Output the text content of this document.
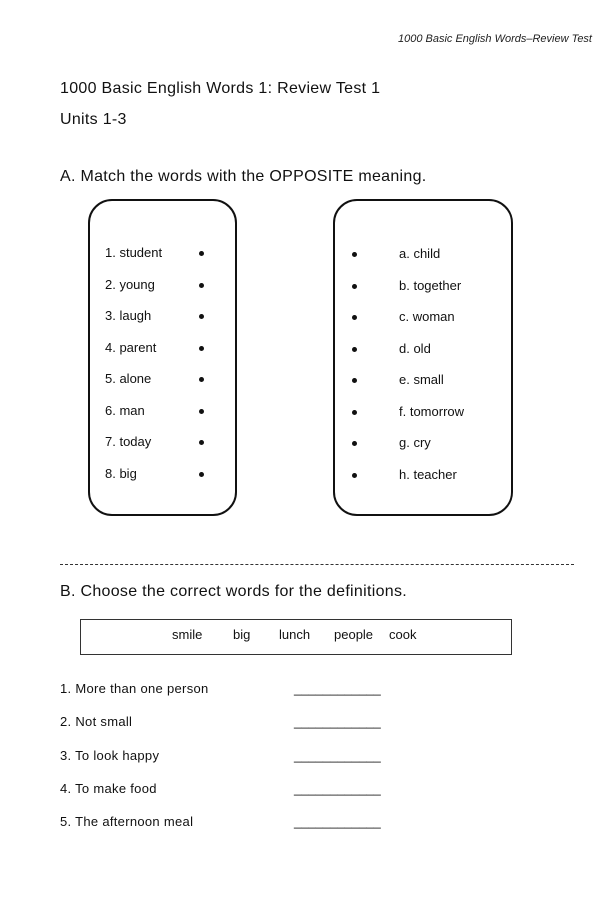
1000 Basic English Words–Review Test
1000 Basic English Words 1: Review Test 1
Units 1-3
A. Match the words with the OPPOSITE meaning.
1. student
2. young
3. laugh
4. parent
5. alone
6. man
7. today
8. big
a. child
b. together
c. woman
d. old
e. small
f. tomorrow
g. cry
h. teacher
B. Choose the correct words for the definitions.
smile big lunch people cook
1. More than one person	____________
2. Not small	____________
3. To look happy	____________
4. To make food	____________
5. The afternoon meal	____________
